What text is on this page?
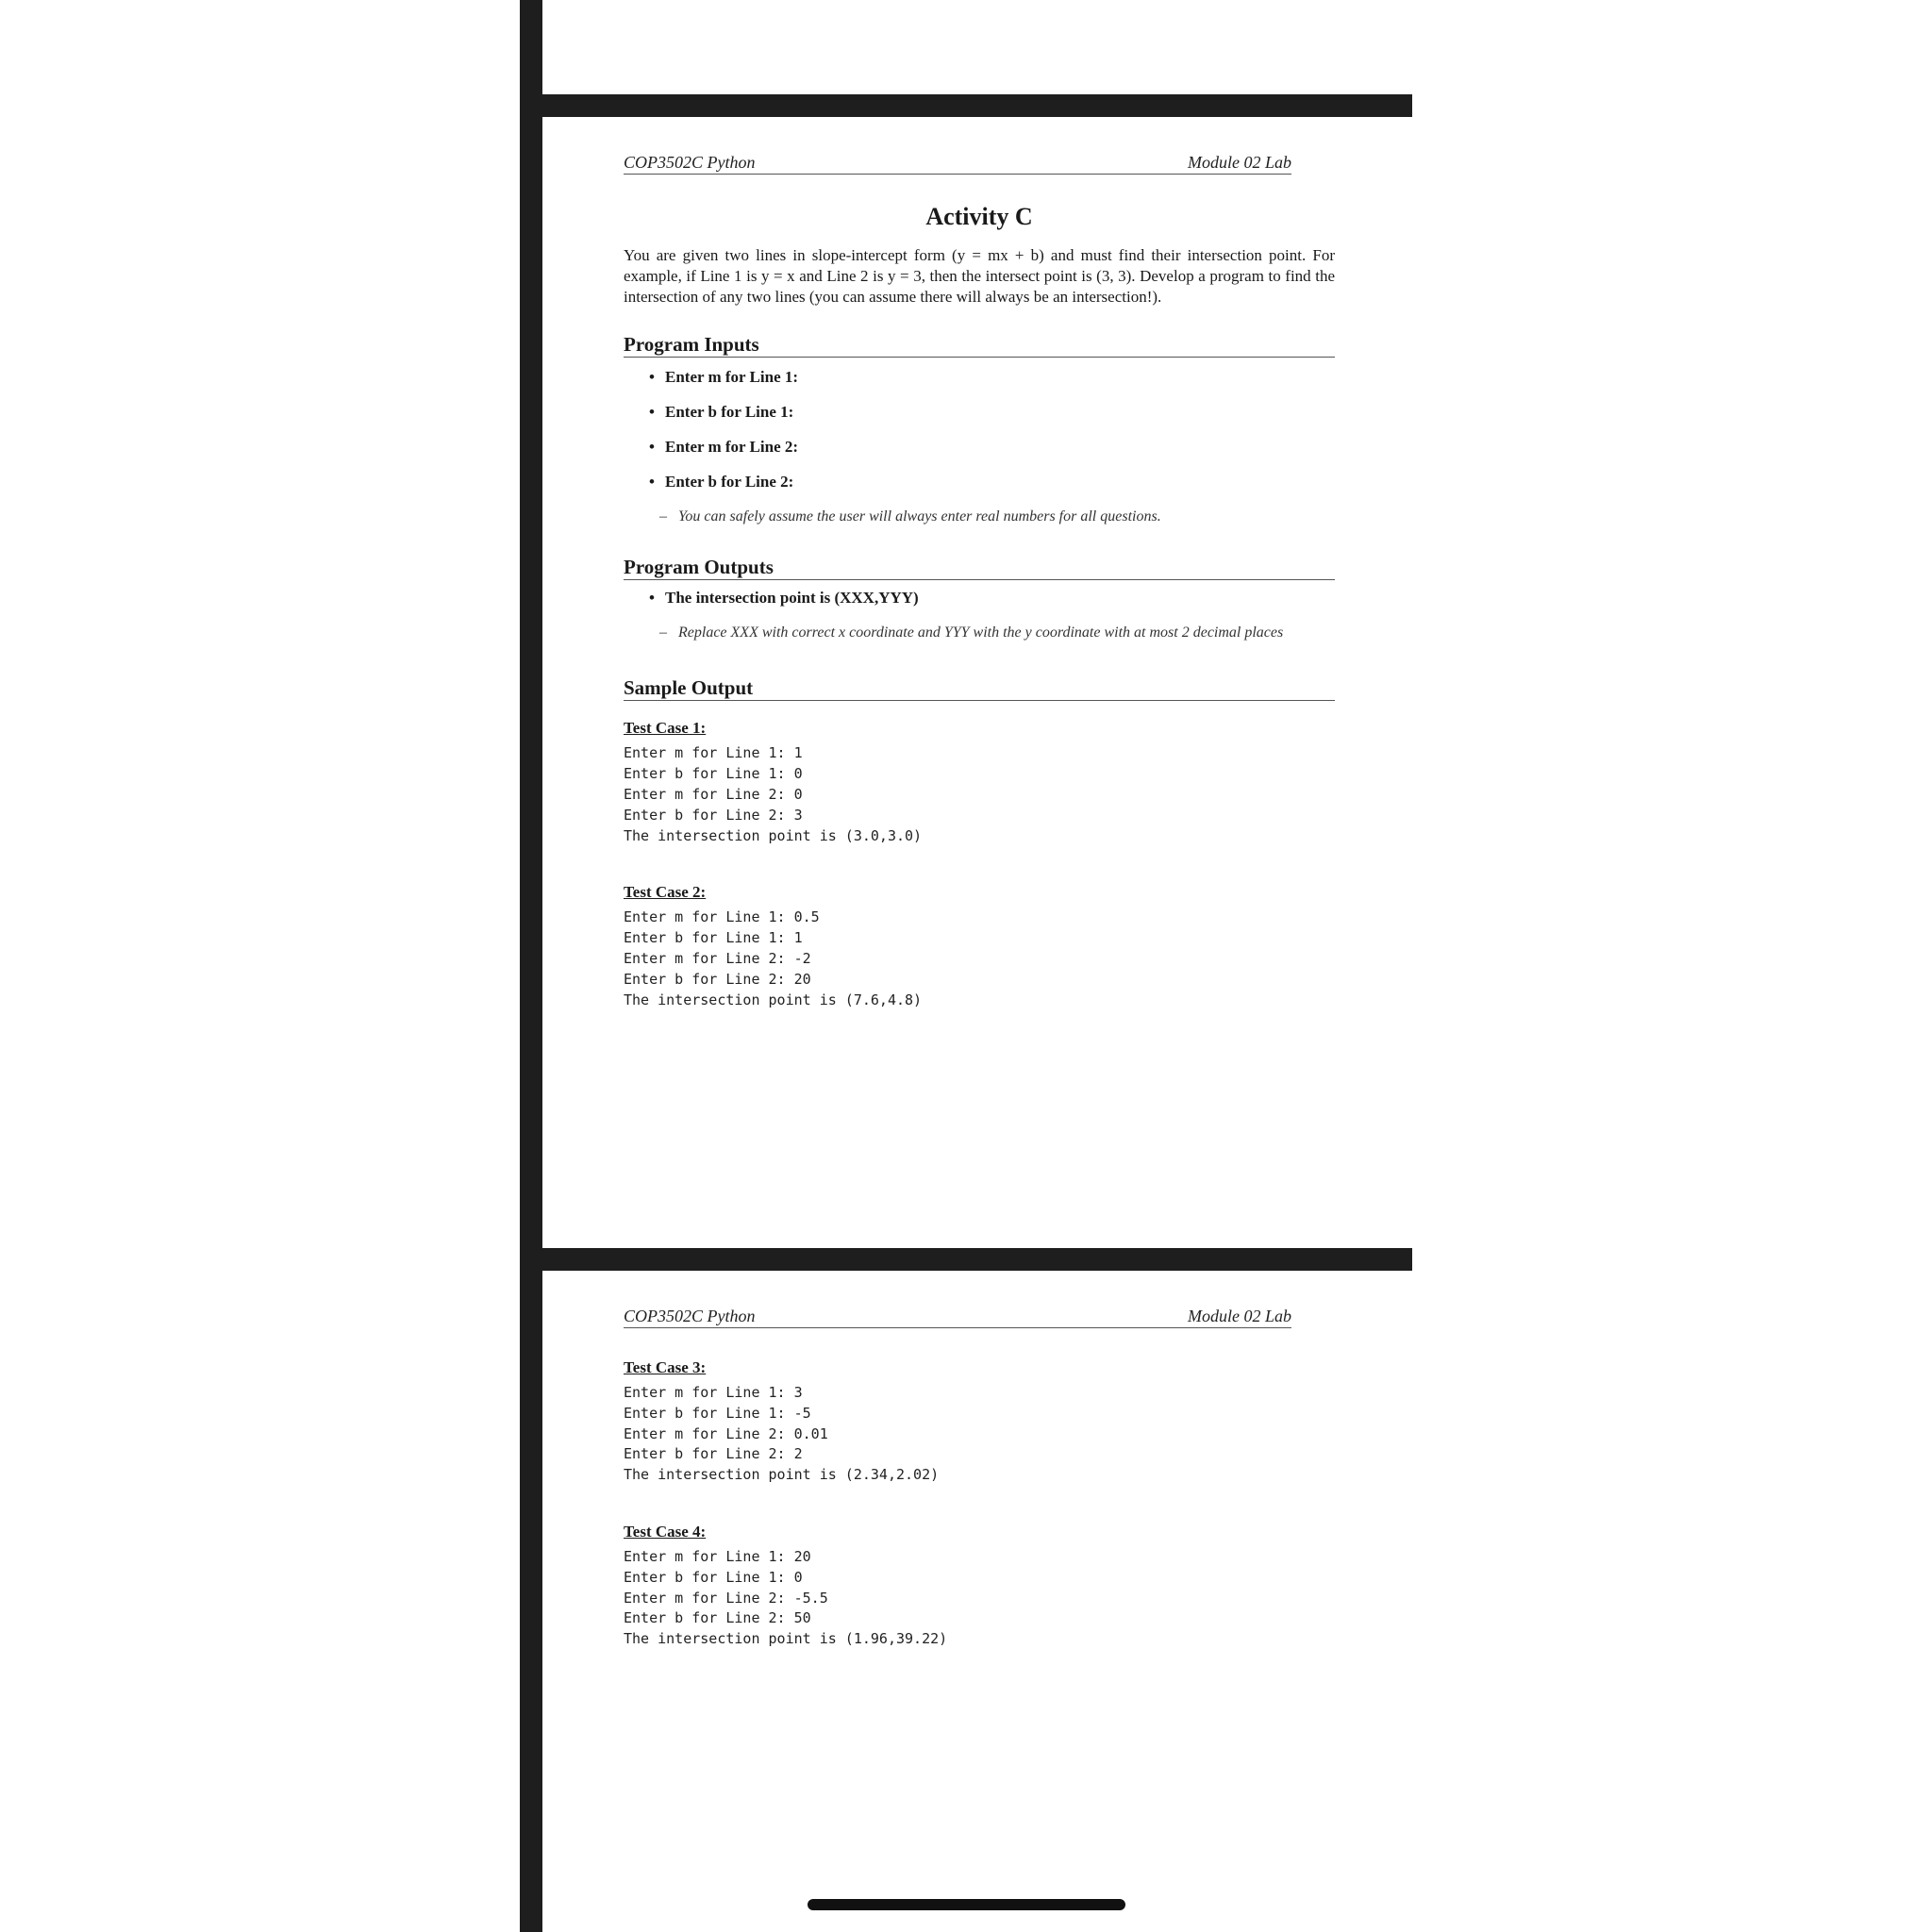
COP3502C Python	Module 02 Lab
Activity C

You are given two lines in slope-intercept form (y = mx + b) and must find their intersection point. For example, if Line 1 is y = x and Line 2 is y = 3, then the intersect point is (3, 3). Develop a program to find the intersection of any two lines (you can assume there will always be an intersection!).

Program Inputs
• Enter m for Line 1:
• Enter b for Line 1:
• Enter m for Line 2:
• Enter b for Line 2:
– You can safely assume the user will always enter real numbers for all questions.
Program Outputs
• The intersection point is (XXX,YYY)
– Replace XXX with correct x coordinate and YYY with the y coordinate with at most 2 decimal places
Sample Output
Test Case 1:
Enter m for Line 1: 1
Enter b for Line 1: 0
Enter m for Line 2: 0
Enter b for Line 2: 3
The intersection point is (3.0,3.0)
Test Case 2:
Enter m for Line 1: 0.5
Enter b for Line 1: 1
Enter m for Line 2: -2
Enter b for Line 2: 20
The intersection point is (7.6,4.8)
COP3502C Python	Module 02 Lab
Test Case 3:
Enter m for Line 1: 3
Enter b for Line 1: -5
Enter m for Line 2: 0.01
Enter b for Line 2: 2
The intersection point is (2.34,2.02)
Test Case 4:
Enter m for Line 1: 20
Enter b for Line 1: 0
Enter m for Line 2: -5.5
Enter b for Line 2: 50
The intersection point is (1.96,39.22)
